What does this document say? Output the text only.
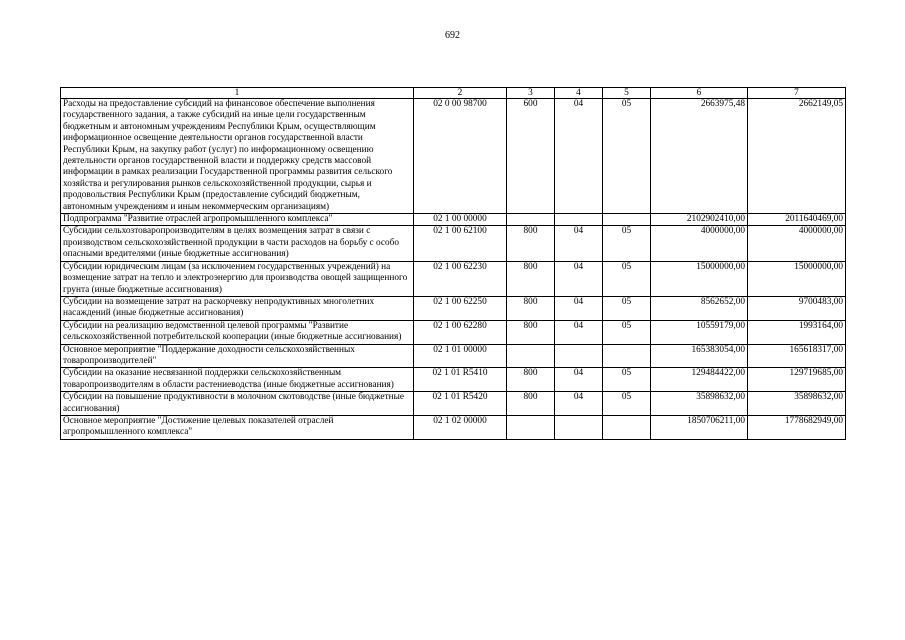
692
1	2	3	4	5	6	7
Расходы на предоставление субсидий на финансовое обеспечение выполнения государственного задания, а также субсидий на иные цели государственным бюджетным и автономным учреждениям Республики Крым, осуществляющим информационное освещение деятельности органов государственной власти Республики Крым, на закупку работ (услуг) по информационному освещению деятельности органов государственной власти и поддержку средств массовой информации в рамках реализации Государственной программы развития сельского хозяйства и регулирования рынков сельскохозяйственной продукции, сырья и продовольствия Республики Крым (предоставление субсидий бюджетным, автономным учреждениям и иным некоммерческим организациям)	02 0 00 98700	600	04	05	2663975,48	2662149,05
Подпрограмма "Развитие отраслей агропромышленного комплекса"	02 1 00 00000				2102902410,00	2011640469,00
Субсидии сельхозтоваропроизводителям в целях возмещения затрат в связи с производством сельскохозяйственной продукции в части расходов на борьбу с особо опасными вредителями (иные бюджетные ассигнования)	02 1 00 62100	800	04	05	4000000,00	4000000,00
Субсидии юридическим лицам (за исключением государственных учреждений) на возмещение затрат на тепло и электроэнергию для производства овощей защищенного грунта (иные бюджетные ассигнования)	02 1 00 62230	800	04	05	15000000,00	15000000,00
Субсидии на возмещение затрат на раскорчевку непродуктивных многолетних насаждений (иные бюджетные ассигнования)	02 1 00 62250	800	04	05	8562652,00	9700483,00
Субсидии на реализацию ведомственной целевой программы "Развитие сельскохозяйственной потребительской кооперации (иные бюджетные ассигнования)	02 1 00 62280	800	04	05	10559179,00	1993164,00
Основное мероприятие "Поддержание доходности сельскохозяйственных товаропроизводителей"	02 1 01 00000				165383054,00	165618317,00
Субсидии на оказание несвязанной поддержки сельскохозяйственным товаропроизводителям в области растениеводства (иные бюджетные ассигнования)	02 1 01 R5410	800	04	05	129484422,00	129719685,00
Субсидии на повышение продуктивности в молочном скотоводстве (иные бюджетные ассигнования)	02 1 01 R5420	800	04	05	35898632,00	35898632,00
Основное мероприятие "Достижение целевых показателей отраслей агропромышленного комплекса"	02 1 02 00000				1850706211,00	1778682949,00
